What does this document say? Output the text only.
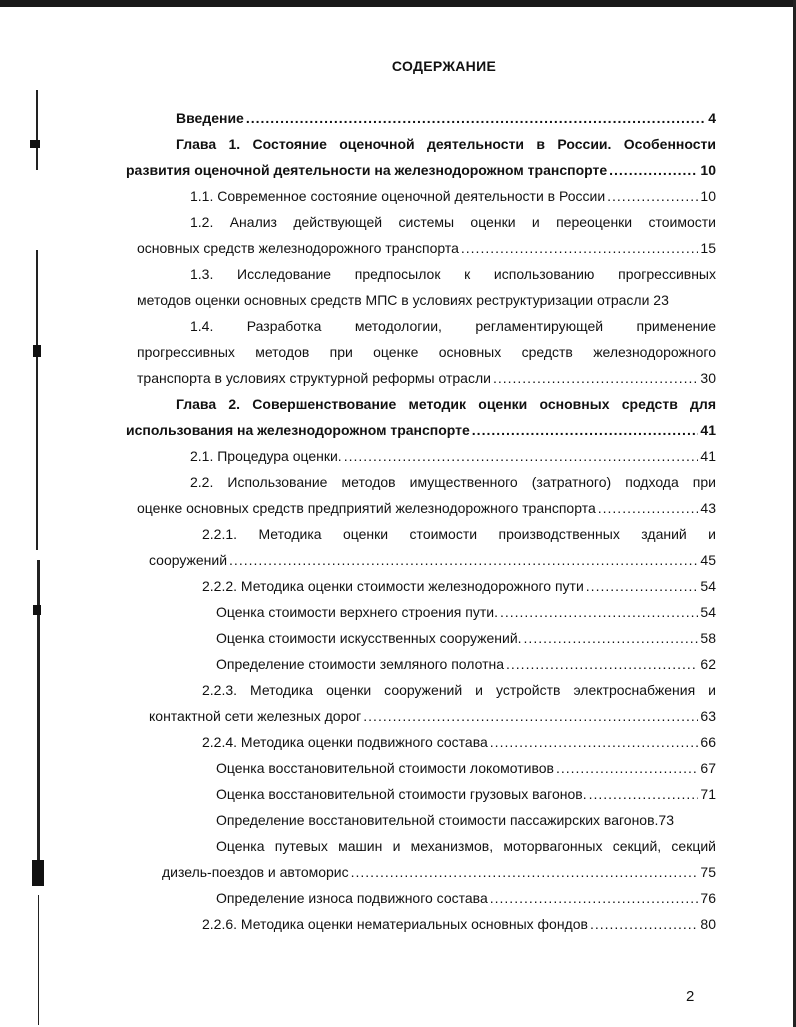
СОДЕРЖАНИЕ
Введение .....	4
Глава 1. Состояние оценочной деятельности в России. Особенности
развития оценочной деятельности на железнодорожном транспорте .....	10
1.1. Современное состояние оценочной деятельности в России .....	10
1.2. Анализ действующей системы оценки и переоценки стоимости
основных средств железнодорожного транспорта .....	15
1.3. Исследование предпосылок к использованию прогрессивных
методов оценки основных средств МПС в условиях реструктуризации отрасли 23
1.4. Разработка методологии, регламентирующей применение
прогрессивных методов при оценке основных средств железнодорожного
транспорта в условиях структурной реформы отрасли .....	30
Глава 2. Совершенствование методик оценки основных средств для
использования на железнодорожном транспорте .....	41
2.1. Процедура оценки. .....	41
2.2. Использование методов имущественного (затратного) подхода при
оценке основных средств предприятий железнодорожного транспорта .....	43
2.2.1. Методика оценки стоимости производственных зданий и
сооружений .....	45
2.2.2. Методика оценки стоимости железнодорожного пути .....	54
Оценка стоимости верхнего строения пути. .....	54
Оценка стоимости искусственных сооружений. .....	58
Определение стоимости земляного полотна .....	62
2.2.3. Методика оценки сооружений и устройств электроснабжения и
контактной сети железных дорог .....	63
2.2.4. Методика оценки подвижного состава .....	66
Оценка восстановительной стоимости локомотивов .....	67
Оценка восстановительной стоимости грузовых вагонов. .....	71
Определение восстановительной стоимости пассажирских вагонов.73
Оценка путевых машин и механизмов, моторвагонных секций, секций
дизель-поездов и автоморис .....	75
Определение износа подвижного состава .....	76
2.2.6. Методика оценки нематериальных основных фондов .....	80
2
